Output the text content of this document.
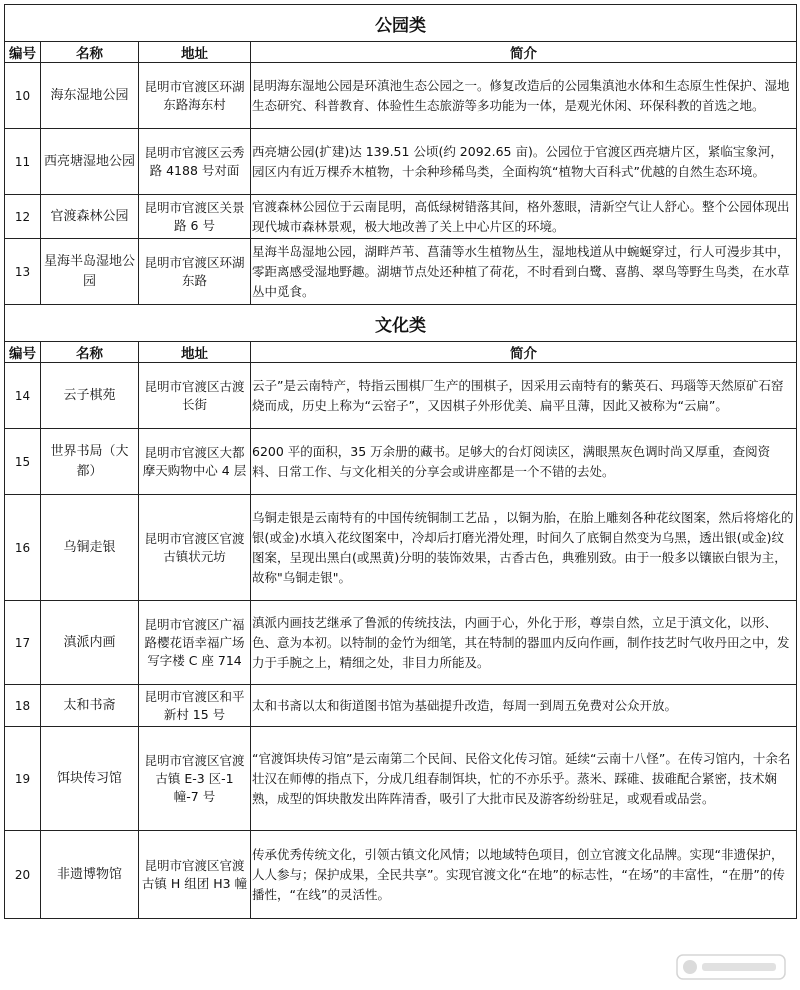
公园类			
编号	名称	地址	简介
10	海东湿地公园	昆明市官渡区环湖东路海东村	昆明海东湿地公园是环滇池生态公园之一。修复改造后的公园集滇池水体和生态原生性保护、湿地生态研究、科普教育、体验性生态旅游等多功能为一体，是观光休闲、环保科教的首选之地。
11	西亮塘湿地公园	昆明市官渡区云秀路 4188 号对面	西亮塘公园(扩建)达 139.51 公顷(约 2092.65 亩)。公园位于官渡区西亮塘片区，紧临宝象河，园区内有近万棵乔木植物，十余种珍稀鸟类，全面构筑“植物大百科式”优越的自然生态环境。
12	官渡森林公园	昆明市官渡区关景路 6 号	官渡森林公园位于云南昆明，高低绿树错落其间，格外葱眼，清新空气让人舒心。整个公园体现出现代城市森林景观，极大地改善了关上中心片区的环境。
13	星海半岛湿地公园	昆明市官渡区环湖东路	星海半岛湿地公园，湖畔芦苇、菖蒲等水生植物丛生，湿地栈道从中蜿蜒穿过，行人可漫步其中，零距离感受湿地野趣。湖塘节点处还种植了荷花，不时看到白鹭、喜鹊、翠鸟等野生鸟类，在水草丛中觅食。
文化类			
编号	名称	地址	简介
14	云子棋苑	昆明市官渡区古渡长街	云子”是云南特产，特指云围棋厂生产的围棋子，因采用云南特有的紫英石、玛瑙等天然原矿石窑烧而成，历史上称为“云窑子”，又因棋子外形优美、扁平且薄，因此又被称为“云扁”。
15	世界书局（大都）	昆明市官渡区大都摩天购物中心 4 层	6200 平的面积，35 万余册的藏书。足够大的台灯阅读区，满眼黑灰色调时尚又厚重，查阅资料、日常工作、与文化相关的分享会或讲座都是一个不错的去处。
16	乌铜走银	昆明市官渡区官渡古镇状元坊	乌铜走银是云南特有的中国传统铜制工艺品 ，以铜为胎，在胎上雕刻各种花纹图案，然后将熔化的银(或金)水填入花纹图案中，冷却后打磨光滑处理，时间久了底铜自然变为乌黑，透出银(或金)纹图案，呈现出黑白(或黑黄)分明的装饰效果，古香古色，典雅别致。由于一般多以镶嵌白银为主，故称"乌铜走银"。
17	滇派内画	昆明市官渡区广福路樱花语幸福广场写字楼 C 座 714	滇派内画技艺继承了鲁派的传统技法，内画于心，外化于形，尊崇自然，立足于滇文化，以形、色、意为本初。以特制的金竹为细笔，其在特制的器皿内反向作画，制作技艺时气收丹田之中，发力于手腕之上，精细之处，非目力所能及。
18	太和书斋	昆明市官渡区和平新村 15 号	太和书斋以太和街道图书馆为基础提升改造，每周一到周五免费对公众开放。
19	饵块传习馆	昆明市官渡区官渡古镇 E-3 区-1 幢-7 号	“官渡饵块传习馆”是云南第二个民间、民俗文化传习馆。延续“云南十八怪”。在传习馆内，十余名壮汉在师傅的指点下，分成几组春制饵块，忙的不亦乐乎。蒸米、踩碓、拔碓配合紧密，技术娴熟，成型的饵块散发出阵阵清香，吸引了大批市民及游客纷纷驻足，或观看或品尝。
20	非遗博物馆	昆明市官渡区官渡古镇 H 组团 H3 幢	传承优秀传统文化，引领古镇文化风情；以地域特色项目，创立官渡文化品牌。实现“非遗保护，人人参与；保护成果，全民共享”。实现官渡文化“在地”的标志性，“在场”的丰富性，“在册”的传播性，“在线”的灵活性。
